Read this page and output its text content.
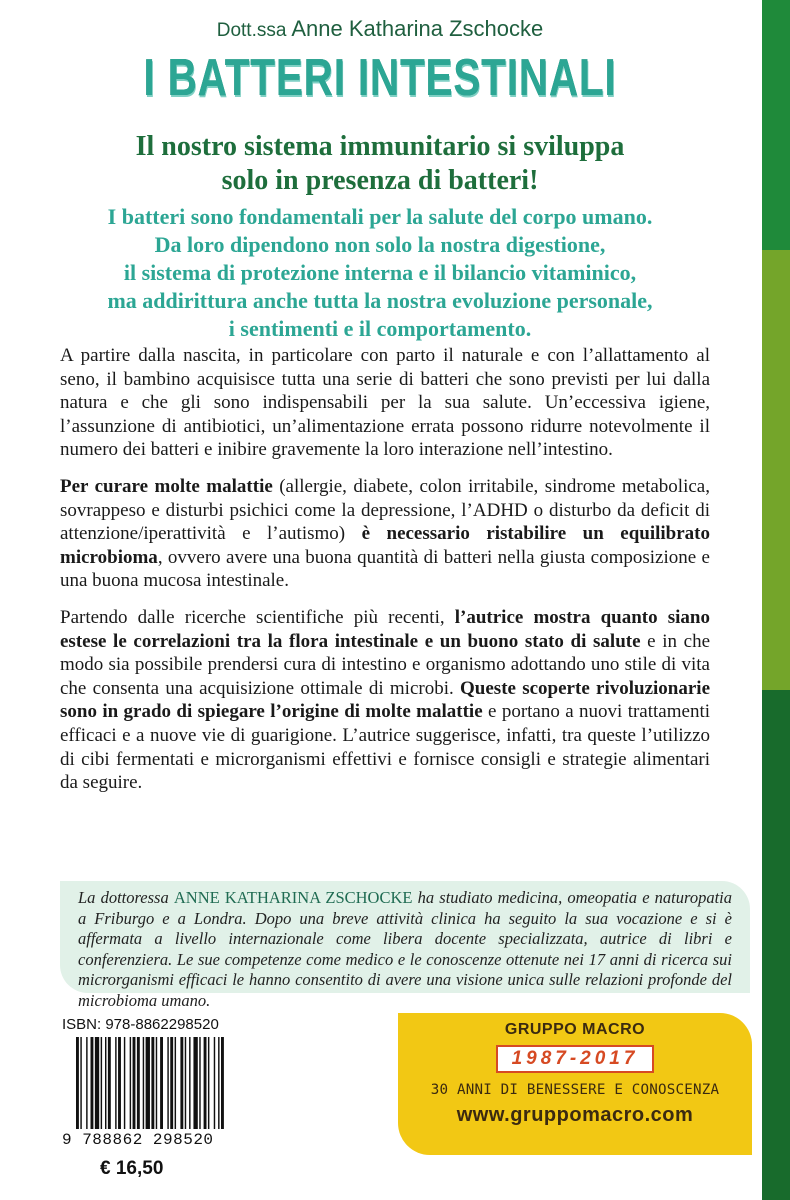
Dott.ssa Anne Katharina Zschocke
I BATTERI INTESTINALI
Il nostro sistema immunitario si sviluppa
solo in presenza di batteri!
I batteri sono fondamentali per la salute del corpo umano.
Da loro dipendono non solo la nostra digestione,
il sistema di protezione interna e il bilancio vitaminico,
ma addirittura anche tutta la nostra evoluzione personale,
i sentimenti e il comportamento.

A partire dalla nascita, in particolare con parto il naturale e con l’allattamento al seno, il bambino acquisisce tutta una serie di batteri che sono previsti per lui dalla natura e che gli sono indispensabili per la sua salute. Un’eccessiva igiene, l’assunzione di antibiotici, un’alimentazione errata possono ridurre notevolmente il numero dei batteri e inibire gravemente la loro interazione nell’intestino.

Per curare molte malattie (allergie, diabete, colon irritabile, sindrome metabolica, sovrappeso e disturbi psichici come la depressione, l’ADHD o disturbo da deficit di attenzione/iperattività e l’autismo) è necessario ristabilire un equilibrato microbioma, ovvero avere una buona quantità di batteri nella giusta composizione e una buona mucosa intestinale.

Partendo dalle ricerche scientifiche più recenti, l’autrice mostra quanto siano estese le correlazioni tra la flora intestinale e un buono stato di salute e in che modo sia possibile prendersi cura di intestino e organismo adottando uno stile di vita che consenta una acquisizione ottimale di microbi. Queste scoperte rivoluzionarie sono in grado di spiegare l’origine di molte malattie e portano a nuovi trattamenti efficaci e a nuove vie di guarigione. L’autrice suggerisce, infatti, tra queste l’utilizzo di cibi fermentati e microrganismi effettivi e fornisce consigli e strategie alimentari da seguire.

La dottoressa ANNE KATHARINA ZSCHOCKE ha studiato medicina, omeopatia e naturopatia a Friburgo e a Londra. Dopo una breve attività clinica ha seguito la sua vocazione e si è affermata a livello internazionale come libera docente specializzata, autrice di libri e conferenziera. Le sue competenze come medico e le conoscenze ottenute nei 17 anni di ricerca sui microrganismi efficaci le hanno consentito di avere una visione unica sulle relazioni profonde del microbioma umano.
ISBN: 978-8862298520
9 788862 298520
€ 16,50
GRUPPO MACRO
1987-2017
30 ANNI DI BENESSERE E CONOSCENZA
www.gruppomacro.com
